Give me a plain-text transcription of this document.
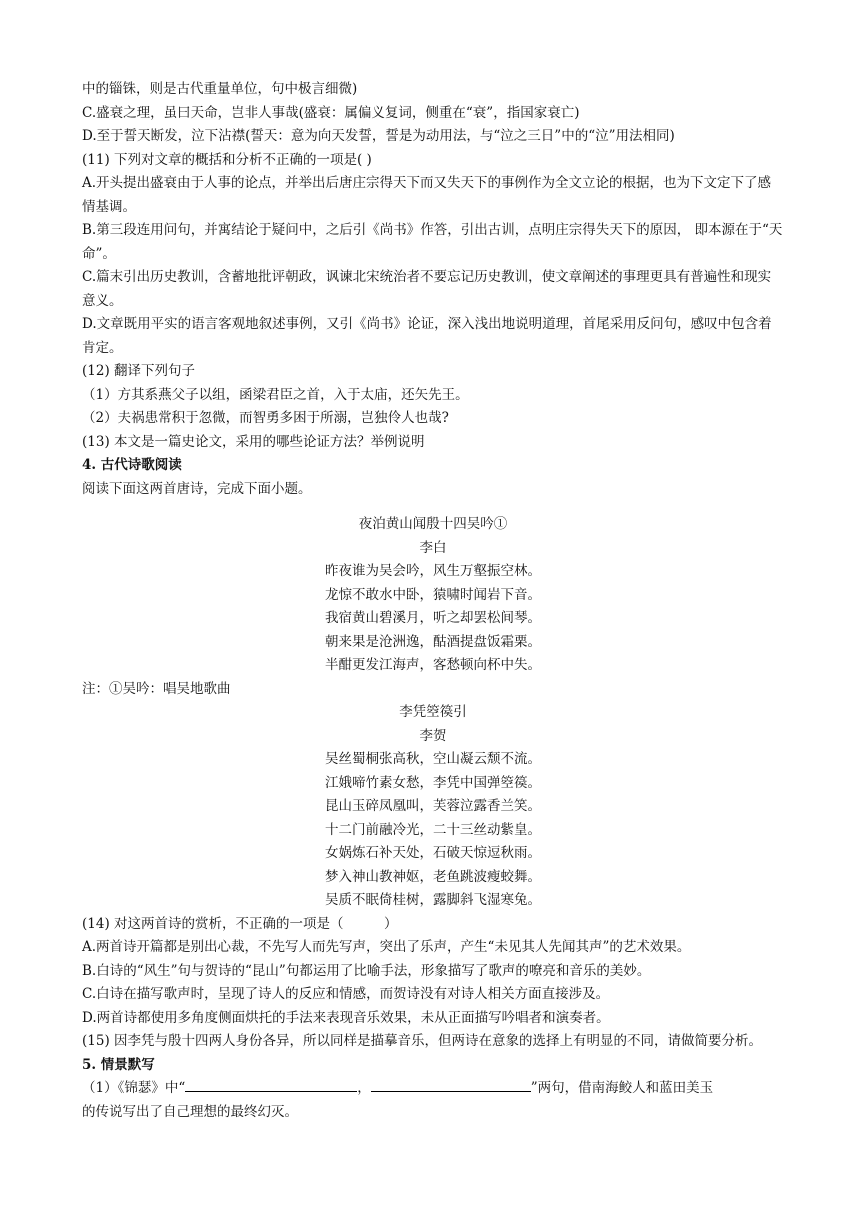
中的锱铢，则是古代重量单位，句中极言细微)

C.盛衰之理，虽曰天命，岂非人事哉(盛衰：属偏义复词，侧重在“衰”，指国家衰亡)

D.至于誓天断发，泣下沾襟(誓天：意为向天发誓，誓是为动用法，与“泣之三日”中的“泣”用法相同)

(11) 下列对文章的概括和分析不正确的一项是( )

A.开头提出盛衰由于人事的论点，并举出后唐庄宗得天下而又失天下的事例作为全文立论的根据，也为下文定下了感情基调。

B.第三段连用问句，并寓结论于疑问中，之后引《尚书》作答，引出古训，点明庄宗得失天下的原因， 即本源在于“天命”。

C.篇末引出历史教训，含蓄地批评朝政，讽谏北宋统治者不要忘记历史教训，使文章阐述的事理更具有普遍性和现实意义。

D.文章既用平实的语言客观地叙述事例，又引《尚书》论证，深入浅出地说明道理，首尾采用反问句，感叹中包含着肯定。

(12) 翻译下列句子

（1）方其系燕父子以组，函梁君臣之首，入于太庙，还矢先王。

（2）夫祸患常积于忽微，而智勇多困于所溺，岂独伶人也哉?

(13) 本文是一篇史论文，采用的哪些论证方法？举例说明

4. 古代诗歌阅读

阅读下面这两首唐诗，完成下面小题。

夜泊黄山闻殷十四吴吟①
李白
昨夜谁为吴会吟，风生万壑振空林。
龙惊不敢水中卧，猿啸时闻岩下音。
我宿黄山碧溪月，听之却罢松间琴。
朝来果是沧洲逸，酤酒提盘饭霜栗。
半酣更发江海声，客愁顿向杯中失。

注：①吴吟：唱吴地歌曲

李凭箜篌引
李贺
吴丝蜀桐张高秋，空山凝云颓不流。
江娥啼竹素女愁，李凭中国弹箜篌。
昆山玉碎凤凰叫，芙蓉泣露香兰笑。
十二门前融冷光，二十三丝动紫皇。
女娲炼石补天处，石破天惊逗秋雨。
梦入神山教神妪，老鱼跳波瘦蛟舞。
吴质不眠倚桂树，露脚斜飞湿寒兔。

(14) 对这两首诗的赏析，不正确的一项是（　　　）

A.两首诗开篇都是别出心裁，不先写人而先写声，突出了乐声，产生“未见其人先闻其声”的艺术效果。

B.白诗的“风生”句与贺诗的“昆山”句都运用了比喻手法，形象描写了歌声的嘹亮和音乐的美妙。

C.白诗在描写歌声时，呈现了诗人的反应和情感，而贺诗没有对诗人相关方面直接涉及。

D.两首诗都使用多角度侧面烘托的手法来表现音乐效果，未从正面描写吟唱者和演奏者。

(15) 因李凭与殷十四两人身份各异，所以同样是描摹音乐，但两诗在意象的选择上有明显的不同，请做简要分析。

5. 情景默写

（1）《锦瑟》中“	，	”两句，借南海鲛人和蓝田美玉

的传说写出了自己理想的最终幻灭。
